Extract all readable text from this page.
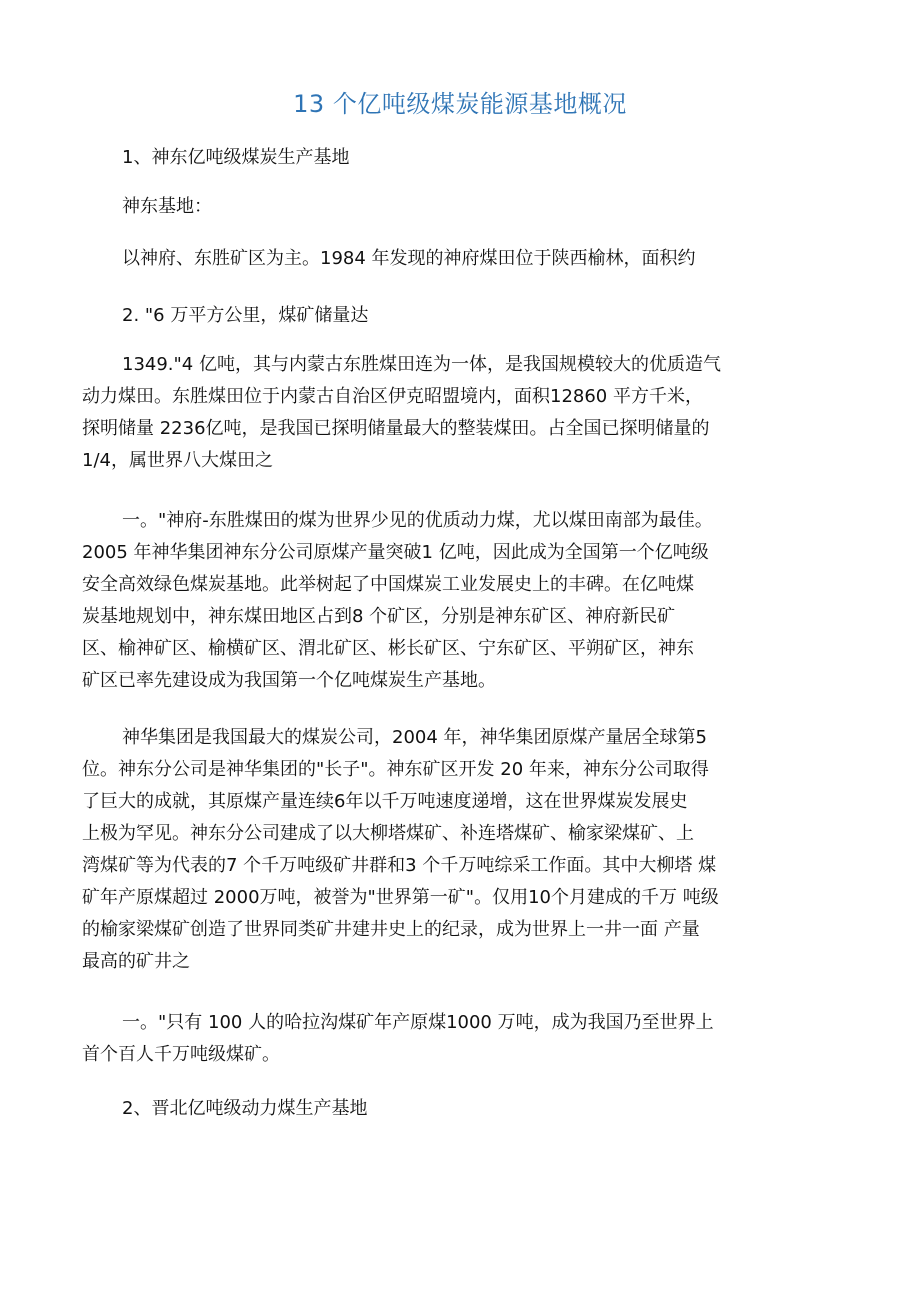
13 个亿吨级煤炭能源基地概况
1、神东亿吨级煤炭生产基地
神东基地：
以神府、东胜矿区为主。1984 年发现的神府煤田位于陕西榆林，面积约
2. "6 万平方公里，煤矿储量达
1349."4 亿吨，其与内蒙古东胜煤田连为一体，是我国规模较大的优质造气
动力煤田。东胜煤田位于内蒙古自治区伊克昭盟境内，面积12860 平方千米，
探明储量 2236亿吨，是我国已探明储量最大的整装煤田。占全国已探明储量的
1/4，属世界八大煤田之
一。"神府-东胜煤田的煤为世界少见的优质动力煤，尤以煤田南部为最佳。
2005 年神华集团神东分公司原煤产量突破1 亿吨，因此成为全国第一个亿吨级
安全高效绿色煤炭基地。此举树起了中国煤炭工业发展史上的丰碑。在亿吨煤
炭基地规划中，神东煤田地区占到8 个矿区，分别是神东矿区、神府新民矿
区、榆神矿区、榆横矿区、渭北矿区、彬长矿区、宁东矿区、平朔矿区，神东
矿区已率先建设成为我国第一个亿吨煤炭生产基地。
神华集团是我国最大的煤炭公司，2004 年，神华集团原煤产量居全球第5
位。神东分公司是神华集团的"长子"。神东矿区开发 20 年来，神东分公司取得
了巨大的成就，其原煤产量连续6年以千万吨速度递增，这在世界煤炭发展史
上极为罕见。神东分公司建成了以大柳塔煤矿、补连塔煤矿、榆家梁煤矿、上
湾煤矿等为代表的7 个千万吨级矿井群和3 个千万吨综采工作面。其中大柳塔 煤
矿年产原煤超过 2000万吨，被誉为"世界第一矿"。仅用10个月建成的千万 吨级
的榆家梁煤矿创造了世界同类矿井建井史上的纪录，成为世界上一井一面 产量
最高的矿井之
一。"只有 100 人的哈拉沟煤矿年产原煤1000 万吨，成为我国乃至世界上
首个百人千万吨级煤矿。
2、晋北亿吨级动力煤生产基地
